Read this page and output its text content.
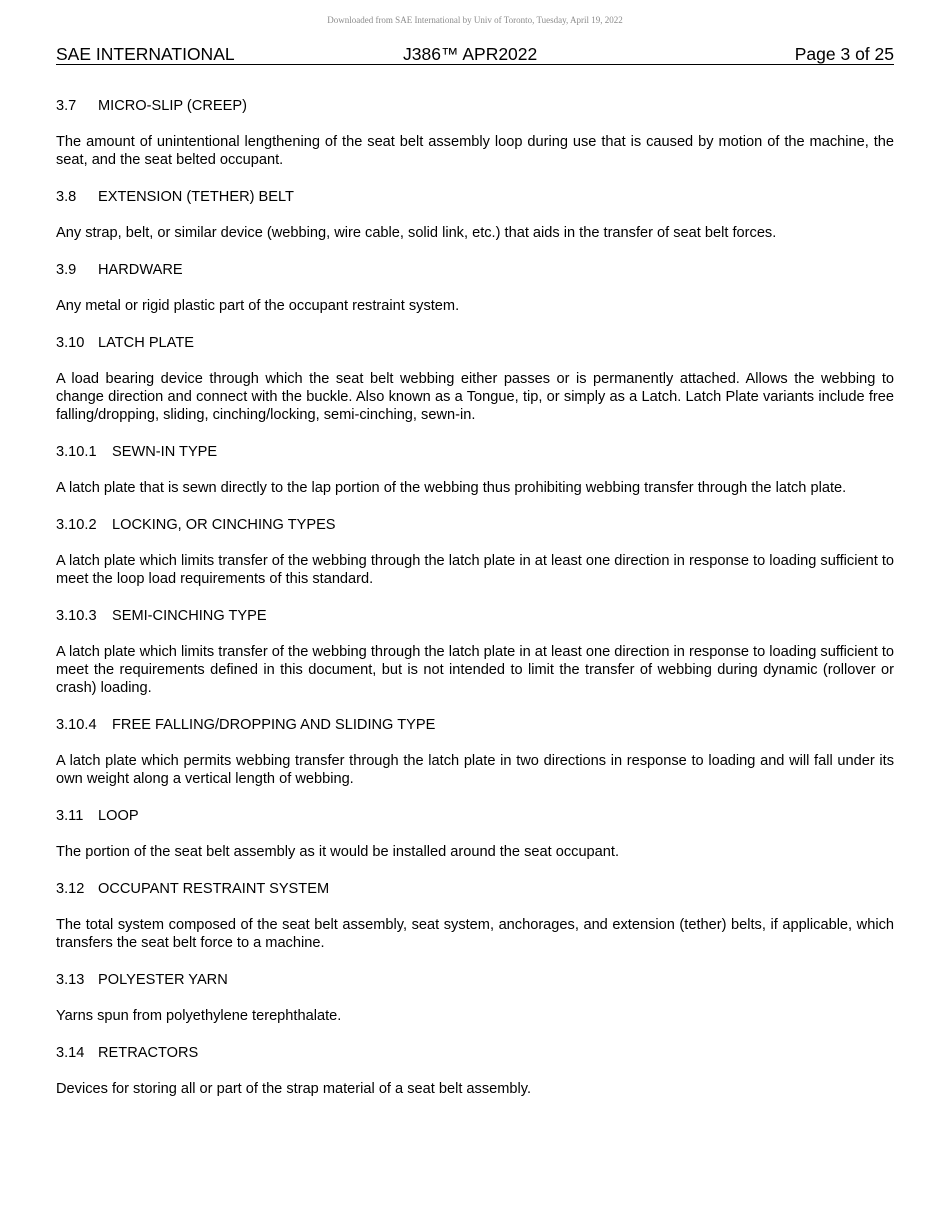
Downloaded from SAE International by Univ of Toronto, Tuesday, April 19, 2022
SAE INTERNATIONAL	J386™ APR2022	Page 3 of 25
3.7 MICRO-SLIP (CREEP)

The amount of unintentional lengthening of the seat belt assembly loop during use that is caused by motion of the machine, the seat, and the seat belted occupant.

3.8 EXTENSION (TETHER) BELT

Any strap, belt, or similar device (webbing, wire cable, solid link, etc.) that aids in the transfer of seat belt forces.

3.9 HARDWARE

Any metal or rigid plastic part of the occupant restraint system.

3.10 LATCH PLATE

A load bearing device through which the seat belt webbing either passes or is permanently attached. Allows the webbing to change direction and connect with the buckle. Also known as a Tongue, tip, or simply as a Latch. Latch Plate variants include free falling/dropping, sliding, cinching/locking, semi-cinching, sewn-in.

3.10.1 SEWN-IN TYPE

A latch plate that is sewn directly to the lap portion of the webbing thus prohibiting webbing transfer through the latch plate.

3.10.2 LOCKING, OR CINCHING TYPES

A latch plate which limits transfer of the webbing through the latch plate in at least one direction in response to loading sufficient to meet the loop load requirements of this standard.

3.10.3 SEMI-CINCHING TYPE

A latch plate which limits transfer of the webbing through the latch plate in at least one direction in response to loading sufficient to meet the requirements defined in this document, but is not intended to limit the transfer of webbing during dynamic (rollover or crash) loading.

3.10.4 FREE FALLING/DROPPING AND SLIDING TYPE

A latch plate which permits webbing transfer through the latch plate in two directions in response to loading and will fall under its own weight along a vertical length of webbing.

3.11 LOOP

The portion of the seat belt assembly as it would be installed around the seat occupant.

3.12 OCCUPANT RESTRAINT SYSTEM

The total system composed of the seat belt assembly, seat system, anchorages, and extension (tether) belts, if applicable, which transfers the seat belt force to a machine.

3.13 POLYESTER YARN

Yarns spun from polyethylene terephthalate.

3.14 RETRACTORS

Devices for storing all or part of the strap material of a seat belt assembly.
